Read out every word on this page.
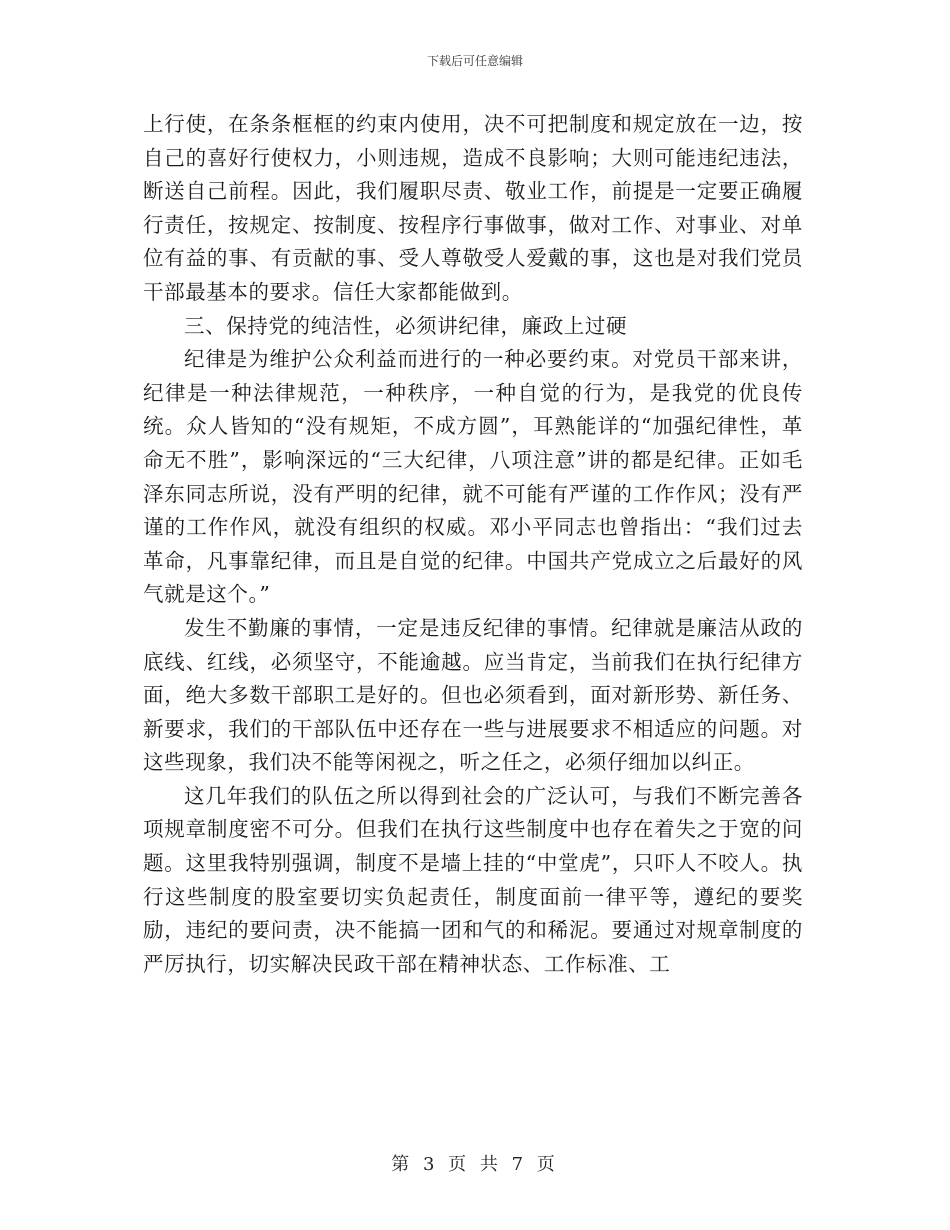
下载后可任意编辑

上行使，在条条框框的约束内使用，决不可把制度和规定放在一边，按自己的喜好行使权力，小则违规，造成不良影响；大则可能违纪违法，断送自己前程。因此，我们履职尽责、敬业工作，前提是一定要正确履行责任，按规定、按制度、按程序行事做事，做对工作、对事业、对单位有益的事、有贡献的事、受人尊敬受人爱戴的事，这也是对我们党员干部最基本的要求。信任大家都能做到。

三、保持党的纯洁性，必须讲纪律，廉政上过硬

纪律是为维护公众利益而进行的一种必要约束。对党员干部来讲，纪律是一种法律规范，一种秩序，一种自觉的行为，是我党的优良传统。众人皆知的“没有规矩，不成方圆”，耳熟能详的“加强纪律性，革命无不胜”，影响深远的“三大纪律，八项注意”讲的都是纪律。正如毛泽东同志所说，没有严明的纪律，就不可能有严谨的工作作风；没有严谨的工作作风，就没有组织的权威。邓小平同志也曾指出：“我们过去革命，凡事靠纪律，而且是自觉的纪律。中国共产党成立之后最好的风气就是这个。”

发生不勤廉的事情，一定是违反纪律的事情。纪律就是廉洁从政的底线、红线，必须坚守，不能逾越。应当肯定，当前我们在执行纪律方面，绝大多数干部职工是好的。但也必须看到，面对新形势、新任务、新要求，我们的干部队伍中还存在一些与进展要求不相适应的问题。对这些现象，我们决不能等闲视之，听之任之，必须仔细加以纠正。

这几年我们的队伍之所以得到社会的广泛认可，与我们不断完善各项规章制度密不可分。但我们在执行这些制度中也存在着失之于宽的问题。这里我特别强调，制度不是墙上挂的“中堂虎”，只吓人不咬人。执行这些制度的股室要切实负起责任，制度面前一律平等，遵纪的要奖励，违纪的要问责，决不能搞一团和气的和稀泥。要通过对规章制度的严厉执行，切实解决民政干部在精神状态、工作标准、工

第 3 页 共 7 页
